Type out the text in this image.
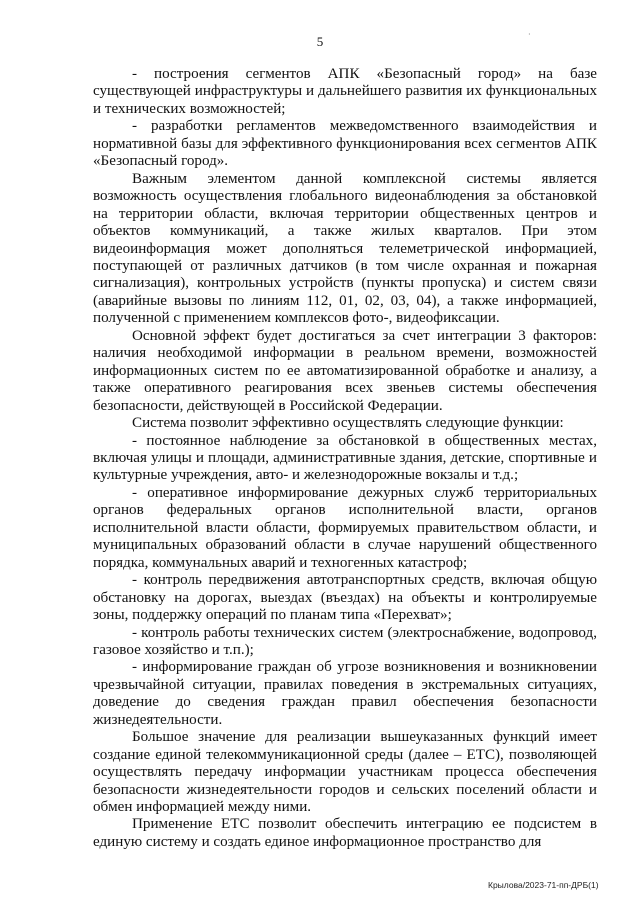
5	·

- построения сегментов АПК «Безопасный город» на базе существующей инфраструктуры и дальнейшего развития их функциональных и технических возможностей;

- разработки регламентов межведомственного взаимодействия и нормативной базы для эффективного функционирования всех сегментов АПК «Безопасный город».

Важным элементом данной комплексной системы является возможность осуществления глобального видеонаблюдения за обстановкой на территории области, включая территории общественных центров и объектов коммуникаций, а также жилых кварталов. При этом видеоинформация может дополняться телеметрической информацией, поступающей от различных датчиков (в том числе охранная и пожарная сигнализация), контрольных устройств (пункты пропуска) и систем связи (аварийные вызовы по линиям 112, 01, 02, 03, 04), а также информацией, полученной с применением комплексов фото-, видеофиксации.

Основной эффект будет достигаться за счет интеграции 3 факторов: наличия необходимой информации в реальном времени, возможностей информационных систем по ее автоматизированной обработке и анализу, а также оперативного реагирования всех звеньев системы обеспечения безопасности, действующей в Российской Федерации.

Система позволит эффективно осуществлять следующие функции:

- постоянное наблюдение за обстановкой в общественных местах, включая улицы и площади, административные здания, детские, спортивные и культурные учреждения, авто- и железнодорожные вокзалы и т.д.;

- оперативное информирование дежурных служб территориальных органов федеральных органов исполнительной власти, органов исполнительной власти области, формируемых правительством области, и муниципальных образований области в случае нарушений общественного порядка, коммунальных аварий и техногенных катастроф;

- контроль передвижения автотранспортных средств, включая общую обстановку на дорогах, выездах (въездах) на объекты и контролируемые зоны, поддержку операций по планам типа «Перехват»;

- контроль работы технических систем (электроснабжение, водопровод, газовое хозяйство и т.п.);

- информирование граждан об угрозе возникновения и возникновении чрезвычайной ситуации, правилах поведения в экстремальных ситуациях, доведение до сведения граждан правил обеспечения безопасности жизнедеятельности.

Большое значение для реализации вышеуказанных функций имеет создание единой телекоммуникационной среды (далее – ЕТС), позволяющей осуществлять передачу информации участникам процесса обеспечения безопасности жизнедеятельности городов и сельских поселений области и обмен информацией между ними.

Применение ЕТС позволит обеспечить интеграцию ее подсистем в единую систему и создать единое информационное пространство для

Крылова/2023-71-пп-ДРБ(1)
